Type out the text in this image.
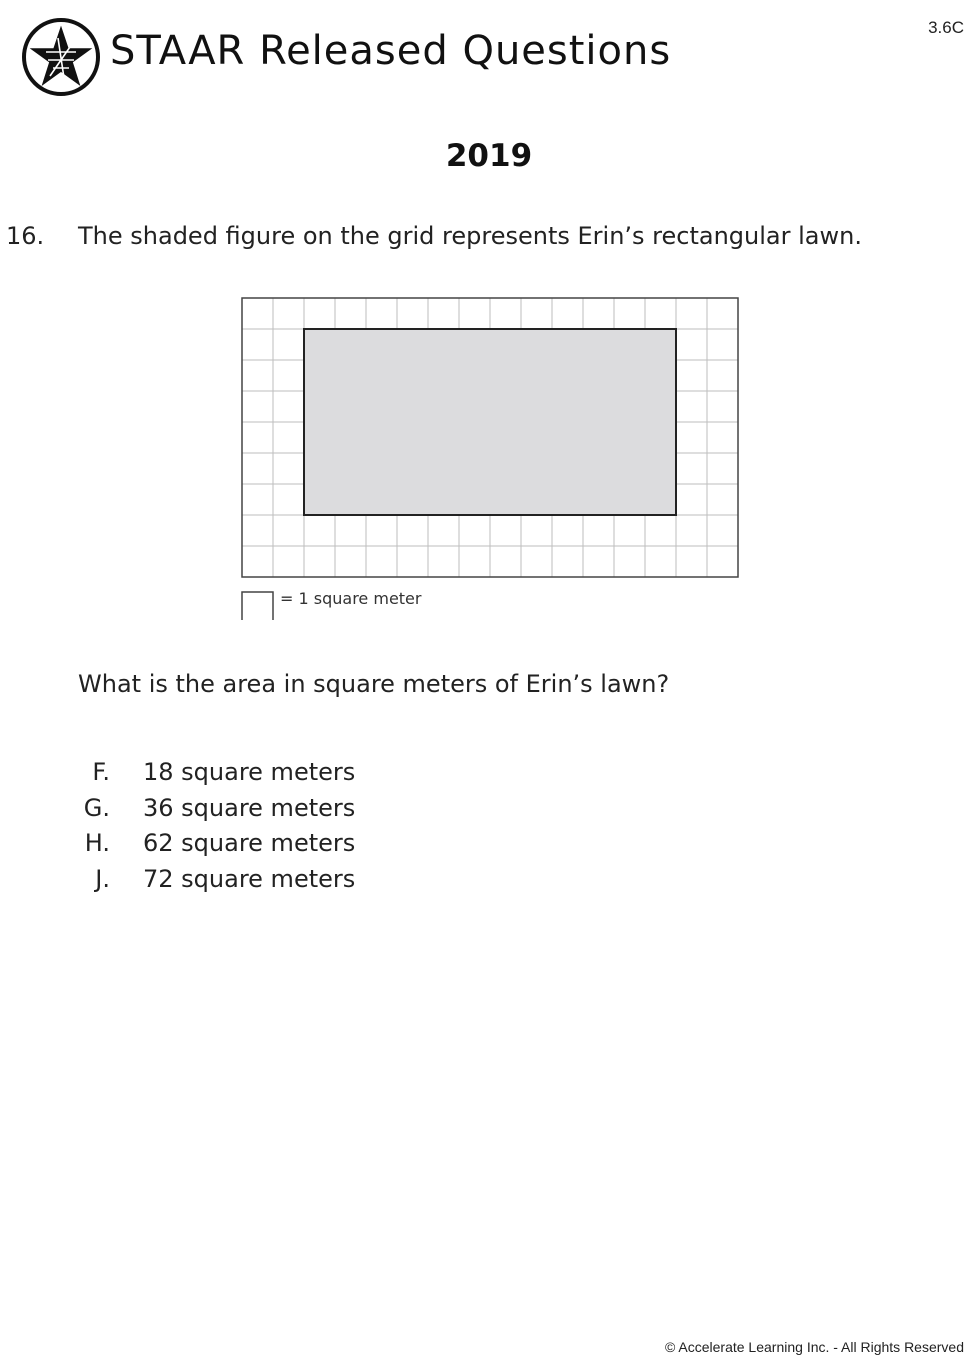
STAAR Released Questions
3.6C
2019
16. The shaded figure on the grid represents Erin’s rectangular lawn.
= 1 square meter
What is the area in square meters of Erin’s lawn?
F. 18 square meters
G. 36 square meters
H. 62 square meters
J. 72 square meters
© Accelerate Learning Inc. - All Rights Reserved
